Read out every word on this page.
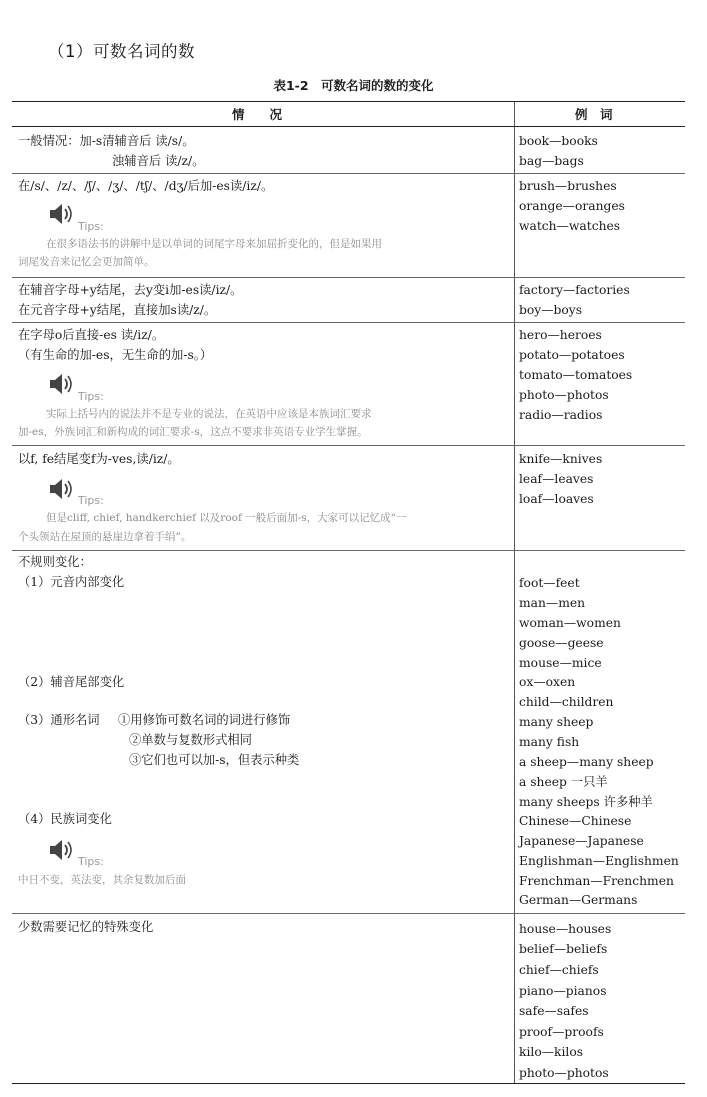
（1）可数名词的数
表1-2　可数名词的数的变化
情　　况	例　词
一般情况：加-s清辅音后 读/s/。
浊辅音后 读/z/。
book—books
bag—bags
在/s/、/z/、/ʃ/、/ʒ/、/tʃ/、/dʒ/后加-es读/iz/。
Tips:
在很多语法书的讲解中是以单词的词尾字母来加屈折变化的，但是如果用
词尾发音来记忆会更加简单。
brush—brushes
orange—oranges
watch—watches
在辅音字母+y结尾，去y变i加-es读/iz/。
在元音字母+y结尾，直接加s读/z/。
factory—factories
boy—boys
在字母o后直接-es 读/iz/。
（有生命的加-es，无生命的加-s。）
Tips:
实际上括号内的说法并不是专业的说法，在英语中应该是本族词汇要求
加-es，外族词汇和新构成的词汇要求-s，这点不要求非英语专业学生掌握。
hero—heroes
potato—potatoes
tomato—tomatoes
photo—photos
radio—radios
以f, fe结尾变f为-ves,读/iz/。
Tips:
但是cliff, chief, handkerchief 以及roof 一般后面加-s，大家可以记忆成“一
个头领站在屋顶的悬崖边拿着手绢”。
knife—knives
leaf—leaves
loaf—loaves
不规则变化：
（1）元音内部变化
（2）辅音尾部变化
（3）通形名词 ①用修饰可数名词的词进行修饰
②单数与复数形式相同
③它们也可以加-s，但表示种类
（4）民族词变化
Tips:
中日不变，英法变，其余复数加后面
foot—feet
man—men
woman—women
goose—geese
mouse—mice
ox—oxen
child—children
many sheep
many fish
a sheep—many sheep
a sheep 一只羊
many sheeps 许多种羊
Chinese—Chinese
Japanese—Japanese
Englishman—Englishmen
Frenchman—Frenchmen
German—Germans
少数需要记忆的特殊变化	house—houses
belief—beliefs
chief—chiefs
piano—pianos
safe—safes
proof—proofs
kilo—kilos
photo—photos
